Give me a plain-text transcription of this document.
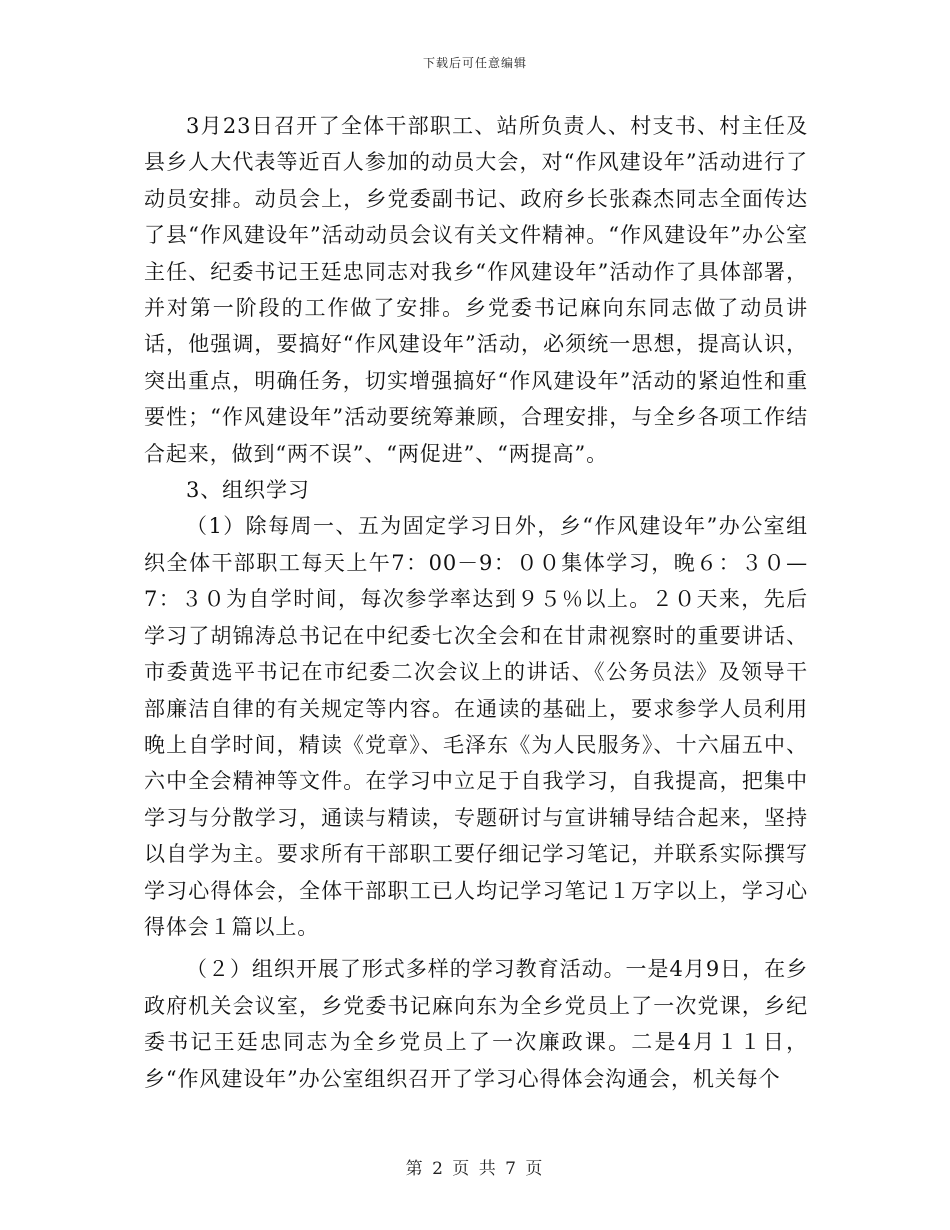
下载后可任意编辑

3月23日召开了全体干部职工、站所负责人、村支书、村主任及县乡人大代表等近百人参加的动员大会，对“作风建设年”活动进行了动员安排。动员会上，乡党委副书记、政府乡长张森杰同志全面传达了县“作风建设年”活动动员会议有关文件精神。“作风建设年”办公室主任、纪委书记王廷忠同志对我乡“作风建设年”活动作了具体部署，并对第一阶段的工作做了安排。乡党委书记麻向东同志做了动员讲话，他强调，要搞好“作风建设年”活动，必须统一思想，提高认识，突出重点，明确任务，切实增强搞好“作风建设年”活动的紧迫性和重要性；“作风建设年”活动要统筹兼顾，合理安排，与全乡各项工作结合起来，做到“两不误”、“两促进”、“两提高”。

3、组织学习

（1）除每周一、五为固定学习日外，乡“作风建设年”办公室组织全体干部职工每天上午7：00－9：００集体学习，晚６：３０—7：３０为自学时间，每次参学率达到９５％以上。２０天来，先后学习了胡锦涛总书记在中纪委七次全会和在甘肃视察时的重要讲话、市委黄选平书记在市纪委二次会议上的讲话、《公务员法》及领导干部廉洁自律的有关规定等内容。在通读的基础上，要求参学人员利用晚上自学时间，精读《党章》、毛泽东《为人民服务》、十六届五中、六中全会精神等文件。在学习中立足于自我学习，自我提高，把集中学习与分散学习，通读与精读，专题研讨与宣讲辅导结合起来，坚持以自学为主。要求所有干部职工要仔细记学习笔记，并联系实际撰写学习心得体会，全体干部职工已人均记学习笔记１万字以上，学习心得体会１篇以上。

（２）组织开展了形式多样的学习教育活动。一是4月9日，在乡政府机关会议室，乡党委书记麻向东为全乡党员上了一次党课，乡纪委书记王廷忠同志为全乡党员上了一次廉政课。二是4月１１日，乡“作风建设年”办公室组织召开了学习心得体会沟通会，机关每个

第 2 页 共 7 页
